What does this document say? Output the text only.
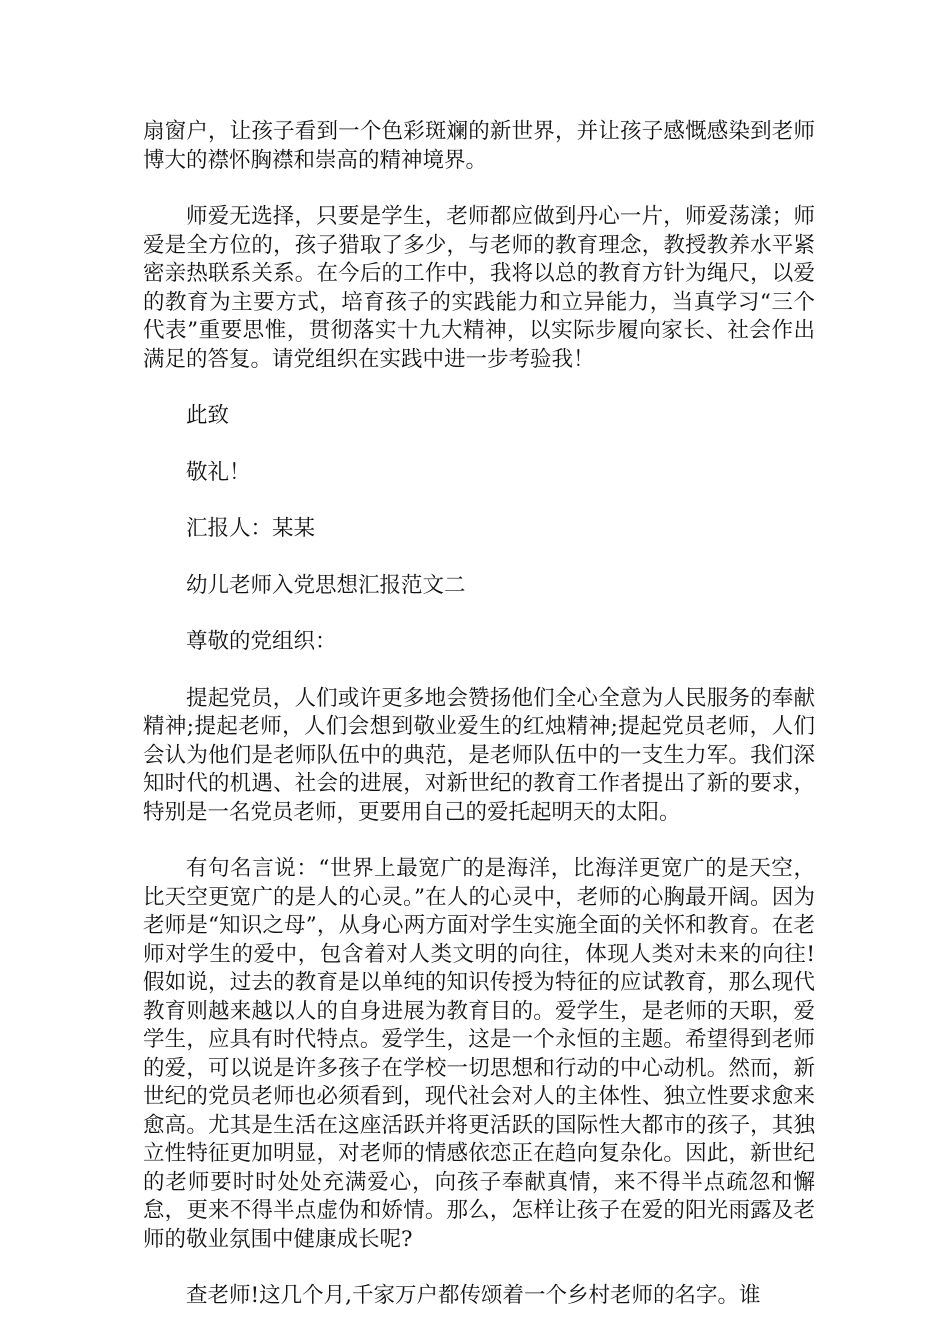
扇窗户，让孩子看到一个色彩斑斓的新世界，并让孩子感慨感染到老师博大的襟怀胸襟和崇高的精神境界。

师爱无选择，只要是学生，老师都应做到丹心一片，师爱荡漾；师爱是全方位的，孩子猎取了多少，与老师的教育理念，教授教养水平紧密亲热联系关系。在今后的工作中，我将以总的教育方针为绳尺，以爱的教育为主要方式，培育孩子的实践能力和立异能力，当真学习“三个代表”重要思惟，贯彻落实十九大精神，以实际步履向家长、社会作出满足的答复。请党组织在实践中进一步考验我！

此致

敬礼！

汇报人：某某

幼儿老师入党思想汇报范文二

尊敬的党组织：

提起党员，人们或许更多地会赞扬他们全心全意为人民服务的奉献精神;提起老师，人们会想到敬业爱生的红烛精神;提起党员老师，人们会认为他们是老师队伍中的典范，是老师队伍中的一支生力军。我们深知时代的机遇、社会的进展，对新世纪的教育工作者提出了新的要求，特别是一名党员老师，更要用自己的爱托起明天的太阳。

有句名言说：“世界上最宽广的是海洋，比海洋更宽广的是天空，比天空更宽广的是人的心灵。”在人的心灵中，老师的心胸最开阔。因为老师是“知识之母”，从身心两方面对学生实施全面的关怀和教育。在老师对学生的爱中，包含着对人类文明的向往，体现人类对未来的向往!假如说，过去的教育是以单纯的知识传授为特征的应试教育，那么现代教育则越来越以人的自身进展为教育目的。爱学生，是老师的天职，爱学生，应具有时代特点。爱学生，这是一个永恒的主题。希望得到老师的爱，可以说是许多孩子在学校一切思想和行动的中心动机。然而，新世纪的党员老师也必须看到，现代社会对人的主体性、独立性要求愈来愈高。尤其是生活在这座活跃并将更活跃的国际性大都市的孩子，其独立性特征更加明显，对老师的情感依恋正在趋向复杂化。因此，新世纪的老师要时时处处充满爱心，向孩子奉献真情，来不得半点疏忽和懈怠，更来不得半点虚伪和娇情。那么，怎样让孩子在爱的阳光雨露及老师的敬业氛围中健康成长呢?

查老师!这几个月,千家万户都传颂着一个乡村老师的名字。谁
